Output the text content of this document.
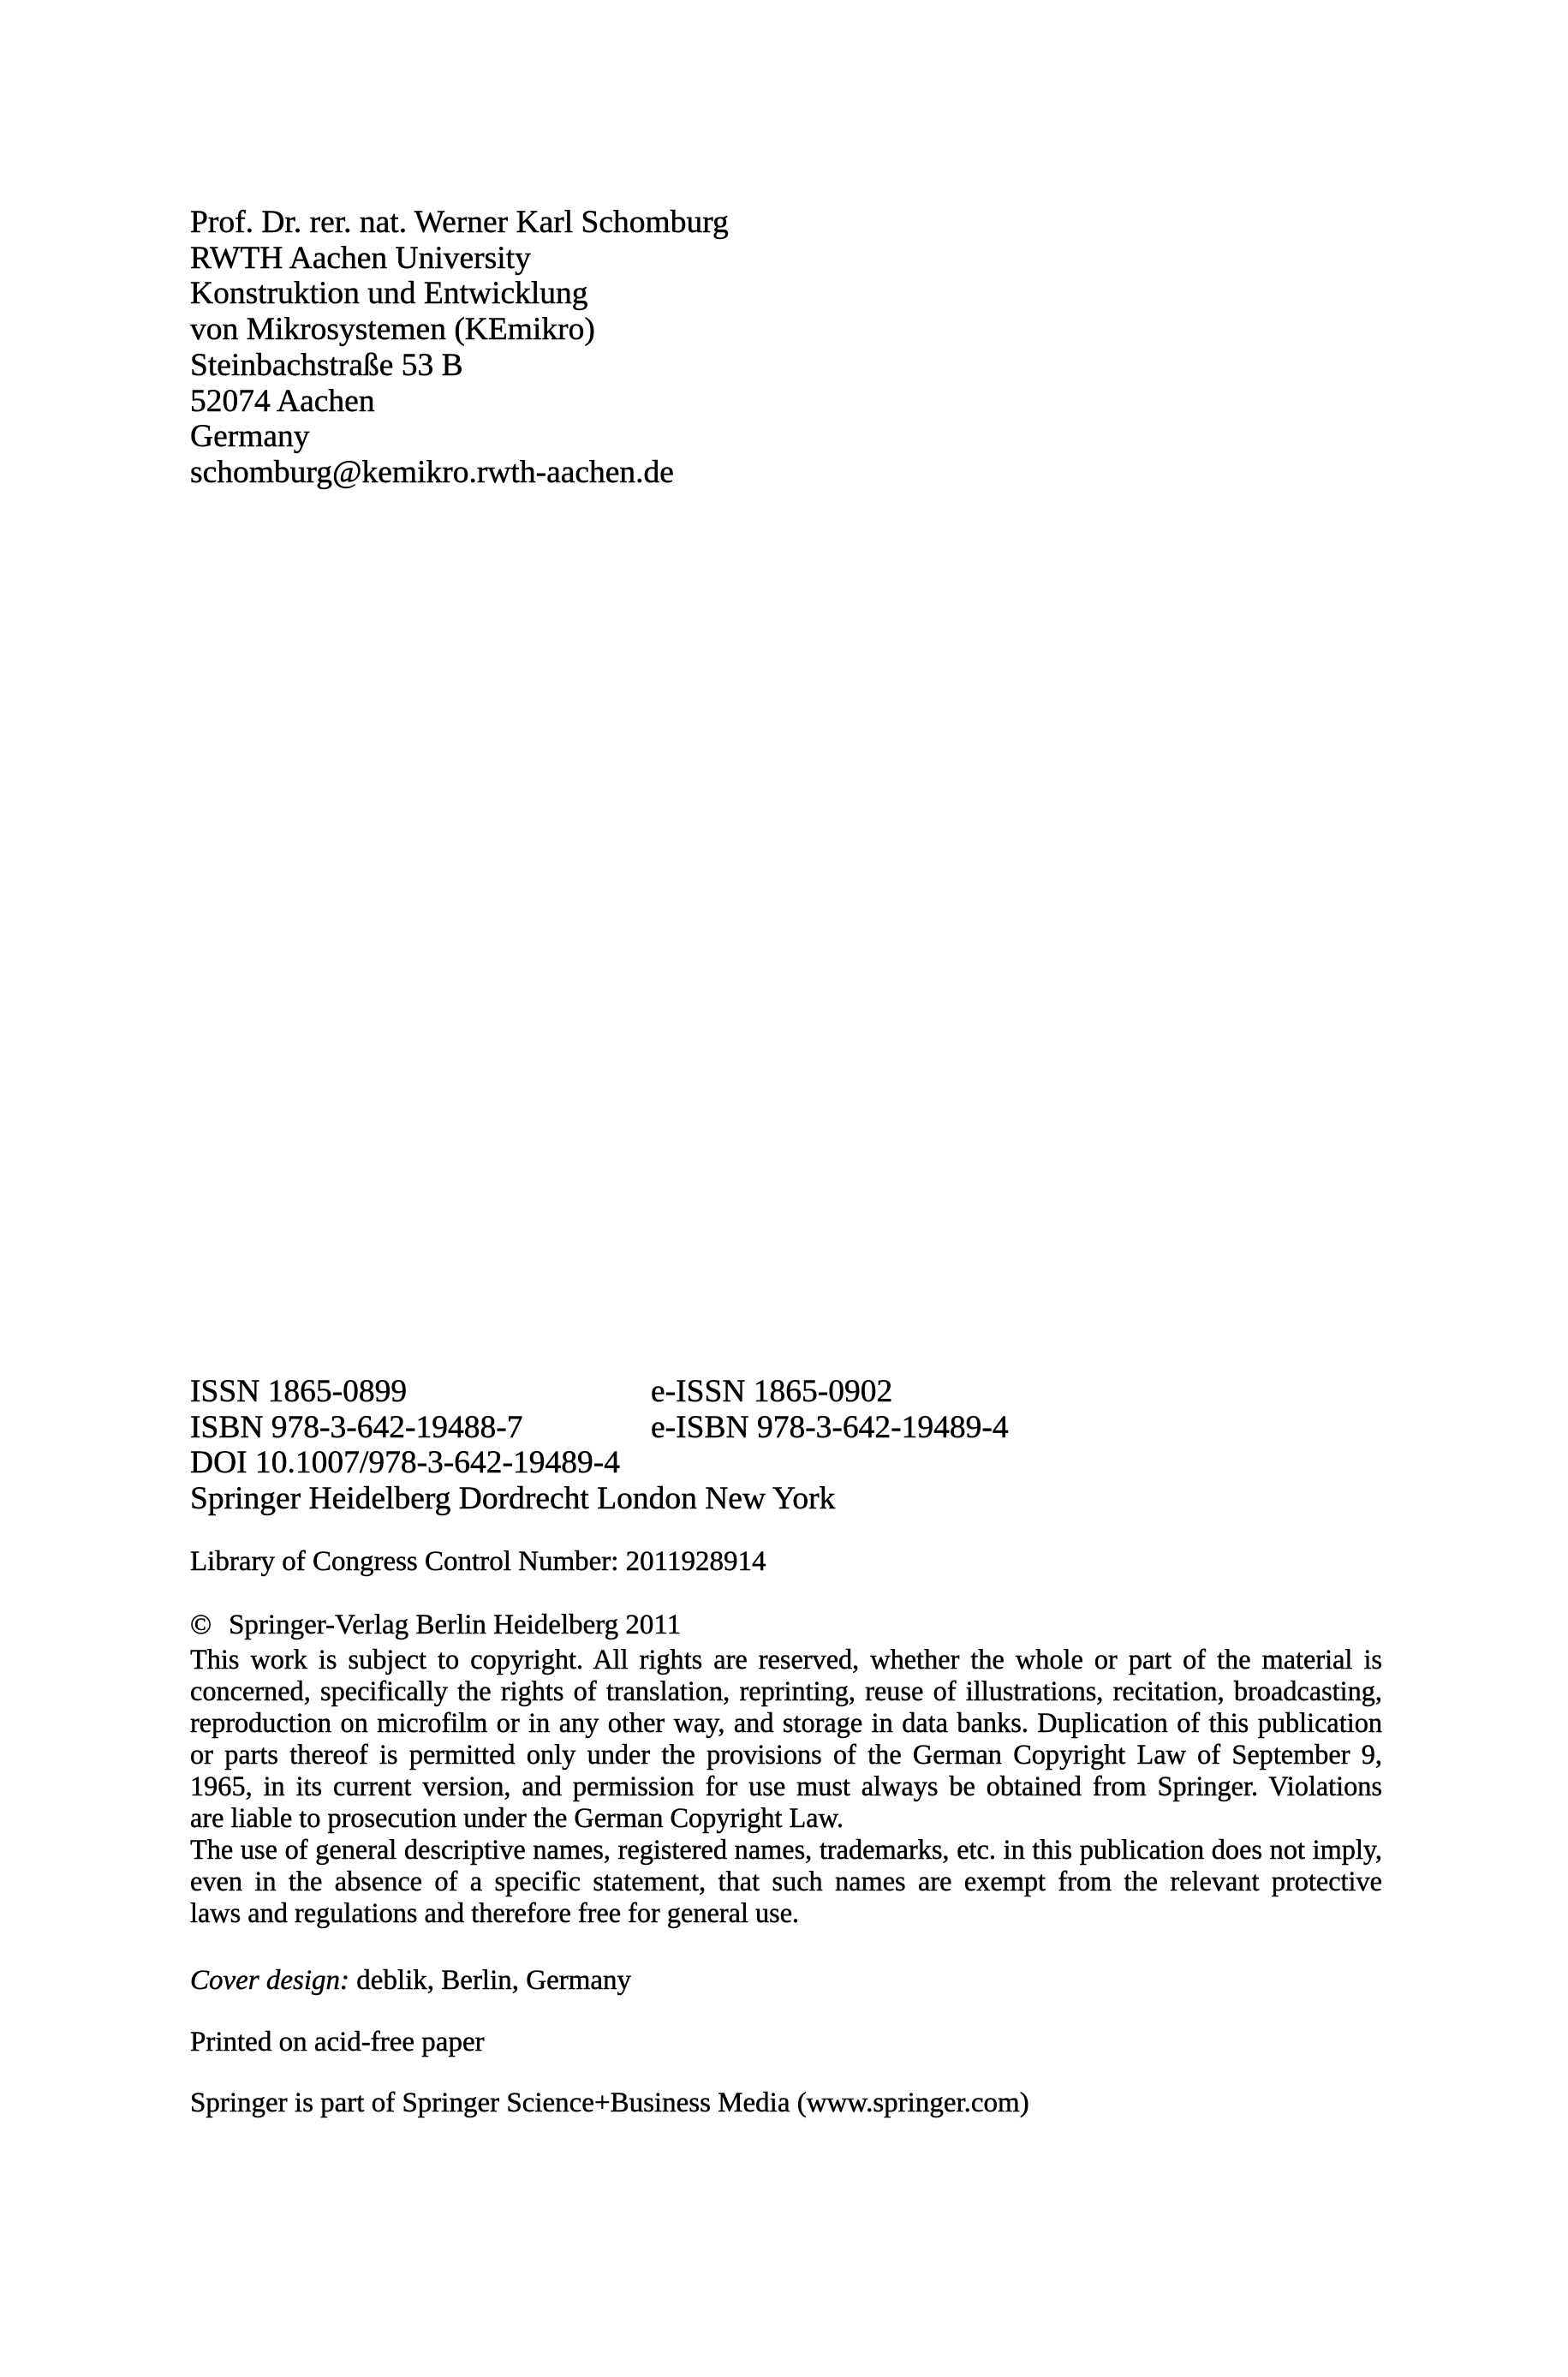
Prof. Dr. rer. nat. Werner Karl Schomburg
RWTH Aachen University
Konstruktion und Entwicklung
von Mikrosystemen (KEmikro)
Steinbachstraße 53 B
52074 Aachen
Germany
schomburg@kemikro.rwth-aachen.de
ISSN 1865-0899	e-ISSN 1865-0902
ISBN 978-3-642-19488-7	e-ISBN 978-3-642-19489-4
DOI 10.1007/978-3-642-19489-4
Springer Heidelberg Dordrecht London New York
Library of Congress Control Number: 2011928914
© Springer-Verlag Berlin Heidelberg 2011
This work is subject to copyright. All rights are reserved, whether the whole or part of the material is
concerned, specifically the rights of translation, reprinting, reuse of illustrations, recitation, broadcasting,
reproduction on microfilm or in any other way, and storage in data banks. Duplication of this publication
or parts thereof is permitted only under the provisions of the German Copyright Law of September 9,
1965, in its current version, and permission for use must always be obtained from Springer. Violations
are liable to prosecution under the German Copyright Law.
The use of general descriptive names, registered names, trademarks, etc. in this publication does not imply,
even in the absence of a specific statement, that such names are exempt from the relevant protective
laws and regulations and therefore free for general use.
Cover design: deblik, Berlin, Germany
Printed on acid-free paper
Springer is part of Springer Science+Business Media (www.springer.com)
